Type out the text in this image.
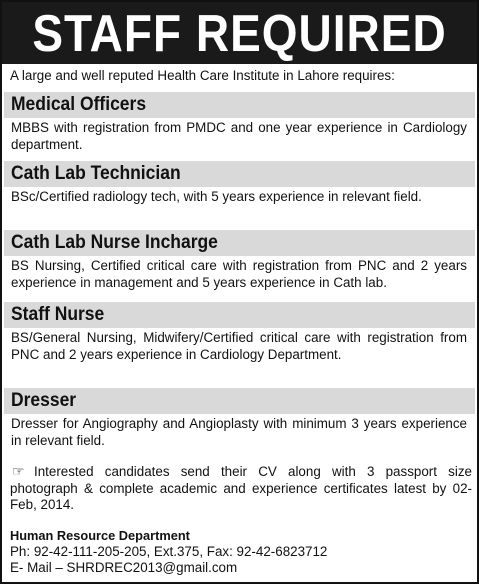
STAFF REQUIRED
A large and well reputed Health Care Institute in Lahore requires:
Medical Officers
MBBS with registration from PMDC and one year experience in Cardiology department.
Cath Lab Technician
BSc/Certified radiology tech, with 5 years experience in relevant field.
Cath Lab Nurse Incharge
BS Nursing, Certified critical care with registration from PNC and 2 years experience in management and 5 years experience in Cath lab.
Staff Nurse
BS/General Nursing, Midwifery/Certified critical care with registration from PNC and 2 years experience in Cardiology Department.
Dresser
Dresser for Angiography and Angioplasty with minimum 3 years experience in relevant field.
☞ Interested candidates send their CV along with 3 passport size photograph & complete academic and experience certificates latest by 02- Feb, 2014.
Human Resource Department
Ph: 92-42-111-205-205, Ext.375, Fax: 92-42-6823712
E- Mail – SHRDREC2013@gmail.com
